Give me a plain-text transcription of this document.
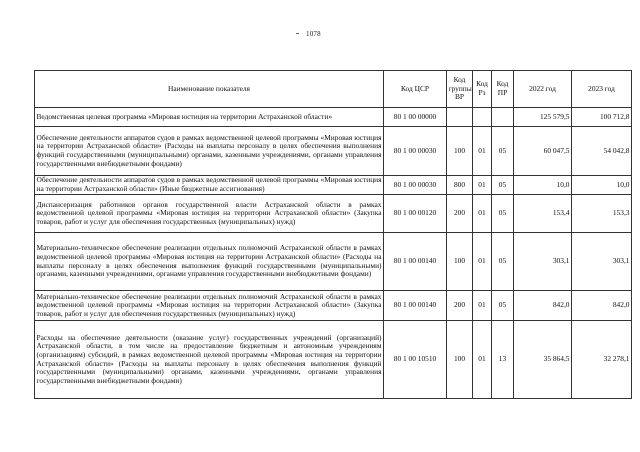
1078
Наименование показателя	Код ЦСР	Код группы ВР	Код Рз	Код ПР	2022 год	2023 год
Ведомственная целевая программа «Мировая юстиция на территории Астраханской области»	80 1 00 00000				125 579,5	100 712,8
Обеспечение деятельности аппаратов судов в рамках ведомственной целевой программы «Мировая юстиция на территории Астраханской области» (Расходы на выплаты персоналу в целях обеспечения выполнения функций государственными (муниципальными) органами, казенными учреждениями, органами управления государственными внебюджетными фондами)	80 1 00 00030	100	01	05	60 047,5	54 042,8
Обеспечение деятельности аппаратов судов в рамках ведомственной целевой программы «Мировая юстиция на территории Астраханской области» (Иные бюджетные ассигнования)	80 1 00 00030	800	01	05	10,0	10,0
Диспансеризация работников органов государственной власти Астраханской области в рамках ведомственной целевой программы «Мировая юстиция на территории Астраханской области» (Закупка товаров, работ и услуг для обеспечения государственных (муниципальных) нужд)	80 1 00 00120	200	01	05	153,4	153,3
Материально-техническое обеспечение реализации отдельных полномочий Астраханской области в рамках ведомственной целевой программы «Мировая юстиция на территории Астраханской области» (Расходы на выплаты персоналу в целях обеспечения выполнения функций государственными (муниципальными) органами, казенными учреждениями, органами управления государственными внебюджетными фондами)	80 1 00 00140	100	01	05	303,1	303,1
Материально-техническое обеспечение реализации отдельных полномочий Астраханской области в рамках ведомственной целевой программы «Мировая юстиция на территории Астраханской области» (Закупка товаров, работ и услуг для обеспечения государственных (муниципальных) нужд)	80 1 00 00140	200	01	05	842,0	842,0
Расходы на обеспечение деятельности (оказание услуг) государственных учреждений (организаций) Астраханской области, в том числе на предоставление бюджетным и автономным учреждениям (организациям) субсидий, в рамках ведомственной целевой программы «Мировая юстиция на территории Астраханской области» (Расходы на выплаты персоналу в целях обеспечения выполнения функций государственными (муниципальными) органами, казенными учреждениями, органами управления государственными внебюджетными фондами)	80 1 00 10510	100	01	13	35 864,5	32 278,1
